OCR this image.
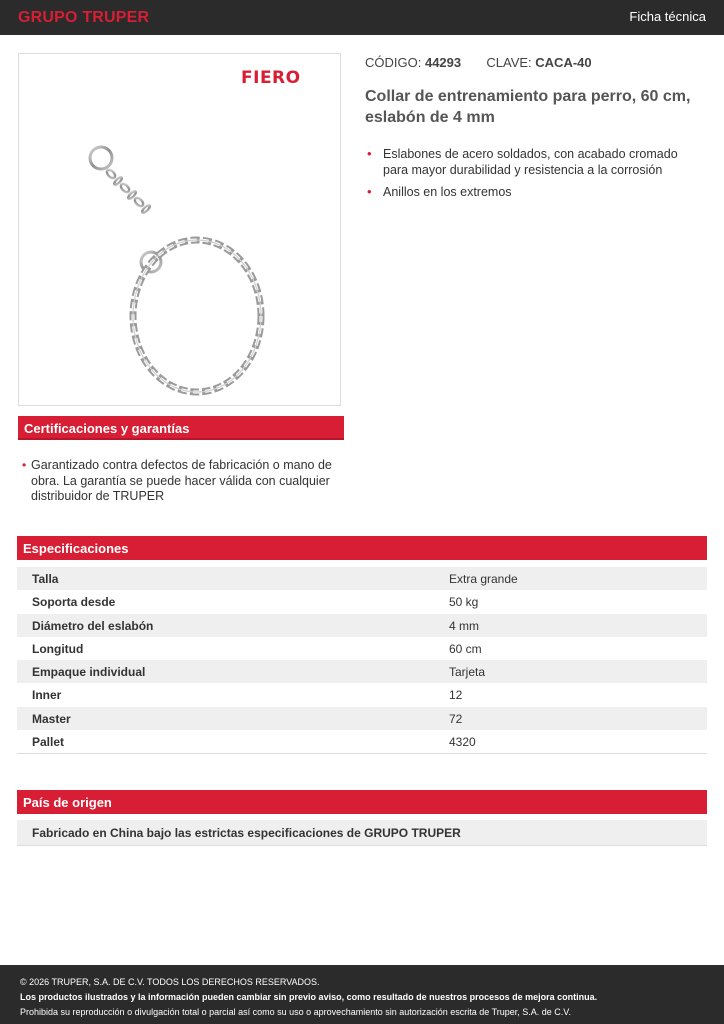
GRUPO TRUPER	Ficha técnica
FIERO
CÓDIGO: 44293 CLAVE: CACA-40
Collar de entrenamiento para perro, 60 cm, eslabón de 4 mm
• Eslabones de acero soldados, con acabado cromado para mayor durabilidad y resistencia a la corrosión
• Anillos en los extremos
Certificaciones y garantías
• Garantizado contra defectos de fabricación o mano de obra. La garantía se puede hacer válida con cualquier distribuidor de TRUPER
Especificaciones
Talla	Extra grande
Soporta desde	50 kg
Diámetro del eslabón	4 mm
Longitud	60 cm
Empaque individual	Tarjeta
Inner	12
Master	72
Pallet	4320
País de origen
Fabricado en China bajo las estrictas especificaciones de GRUPO TRUPER
© 2026 TRUPER, S.A. DE C.V. TODOS LOS DERECHOS RESERVADOS.
Los productos ilustrados y la información pueden cambiar sin previo aviso, como resultado de nuestros procesos de mejora continua.
Prohibida su reproducción o divulgación total o parcial así como su uso o aprovechamiento sin autorización escrita de Truper, S.A. de C.V.
